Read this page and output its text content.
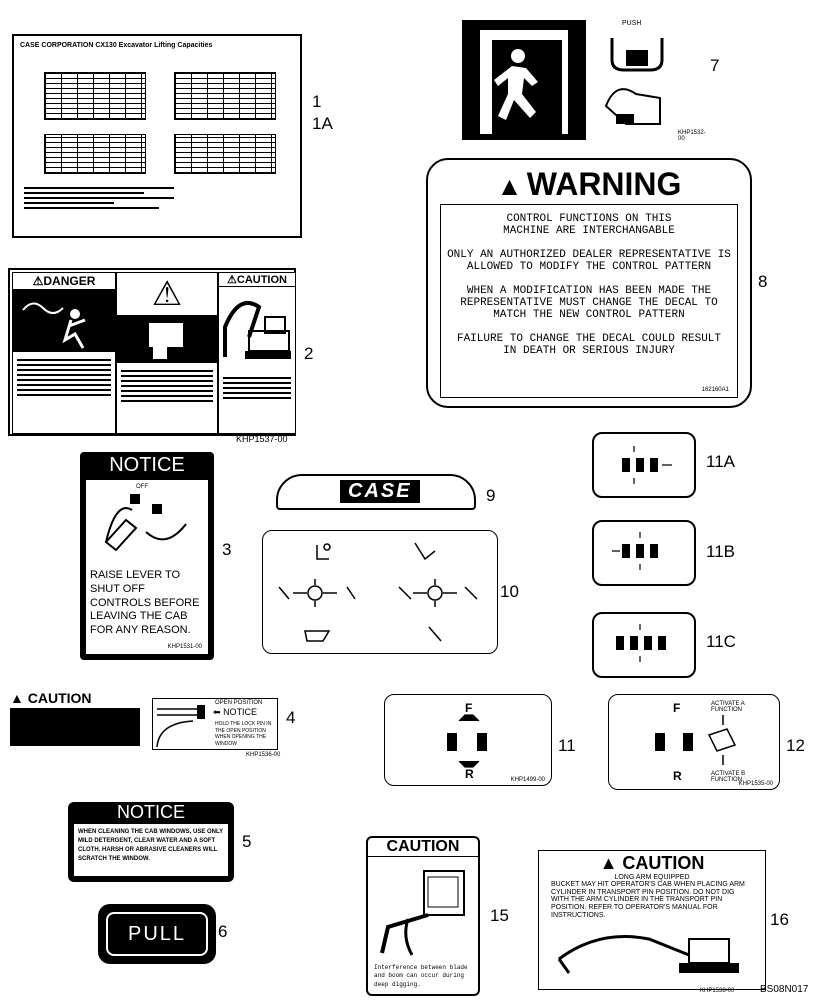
CASE CORPORATION CX130 Excavator Lifting Capacities
1
1A
PUSH
KHP1532-00
7
▲ WARNING
CONTROL FUNCTIONS ON THIS MACHINE ARE INTERCHANGABLE
ONLY AN AUTHORIZED DEALER REPRESENTATIVE IS ALLOWED TO MODIFY THE CONTROL PATTERN
WHEN A MODIFICATION HAS BEEN MADE THE REPRESENTATIVE MUST CHANGE THE DECAL TO MATCH THE NEW CONTROL PATTERN
FAILURE TO CHANGE THE DECAL COULD RESULT IN DEATH OR SERIOUS INJURY
162160A1
8
⚠DANGER	⚠	⚠CAUTION
KHP1537-00
2
NOTICE
OFF
RAISE LEVER TO SHUT OFF CONTROLS BEFORE LEAVING THE CAB FOR ANY REASON.
KHP1531-00
3
CASE	9
10
11A
11B
11C
▲ CAUTION	OPEN POSITION
⬅ NOTICE
HOLD THE LOCK PIN IN THE OPEN POSITION WHEN OPENING THE WINDOW
KHP1536-00
4	F
R	KHP1499-00
11
F	ACTIVATE A FUNCTION
ACTIVATE B FUNCTION
R
KHP1535-00
12
NOTICE
WHEN CLEANING THE CAB WINDOWS, USE ONLY MILD DETERGENT, CLEAR WATER AND A SOFT CLOTH. HARSH OR ABRASIVE CLEANERS WILL SCRATCH THE WINDOW.
5
PULL	6
CAUTION
Interference between blade and boom can occur during deep digging.
15
▲ CAUTION
LONG ARM EQUIPPED
BUCKET MAY HIT OPERATOR'S CAB WHEN PLACING ARM CYLINDER IN TRANSPORT PIN POSITION. DO NOT DIG WITH THE ARM CYLINDER IN THE TRANSPORT PIN POSITION. REFER TO OPERATOR'S MANUAL FOR INSTRUCTIONS.
KHP1538-00
16
BS08N017
